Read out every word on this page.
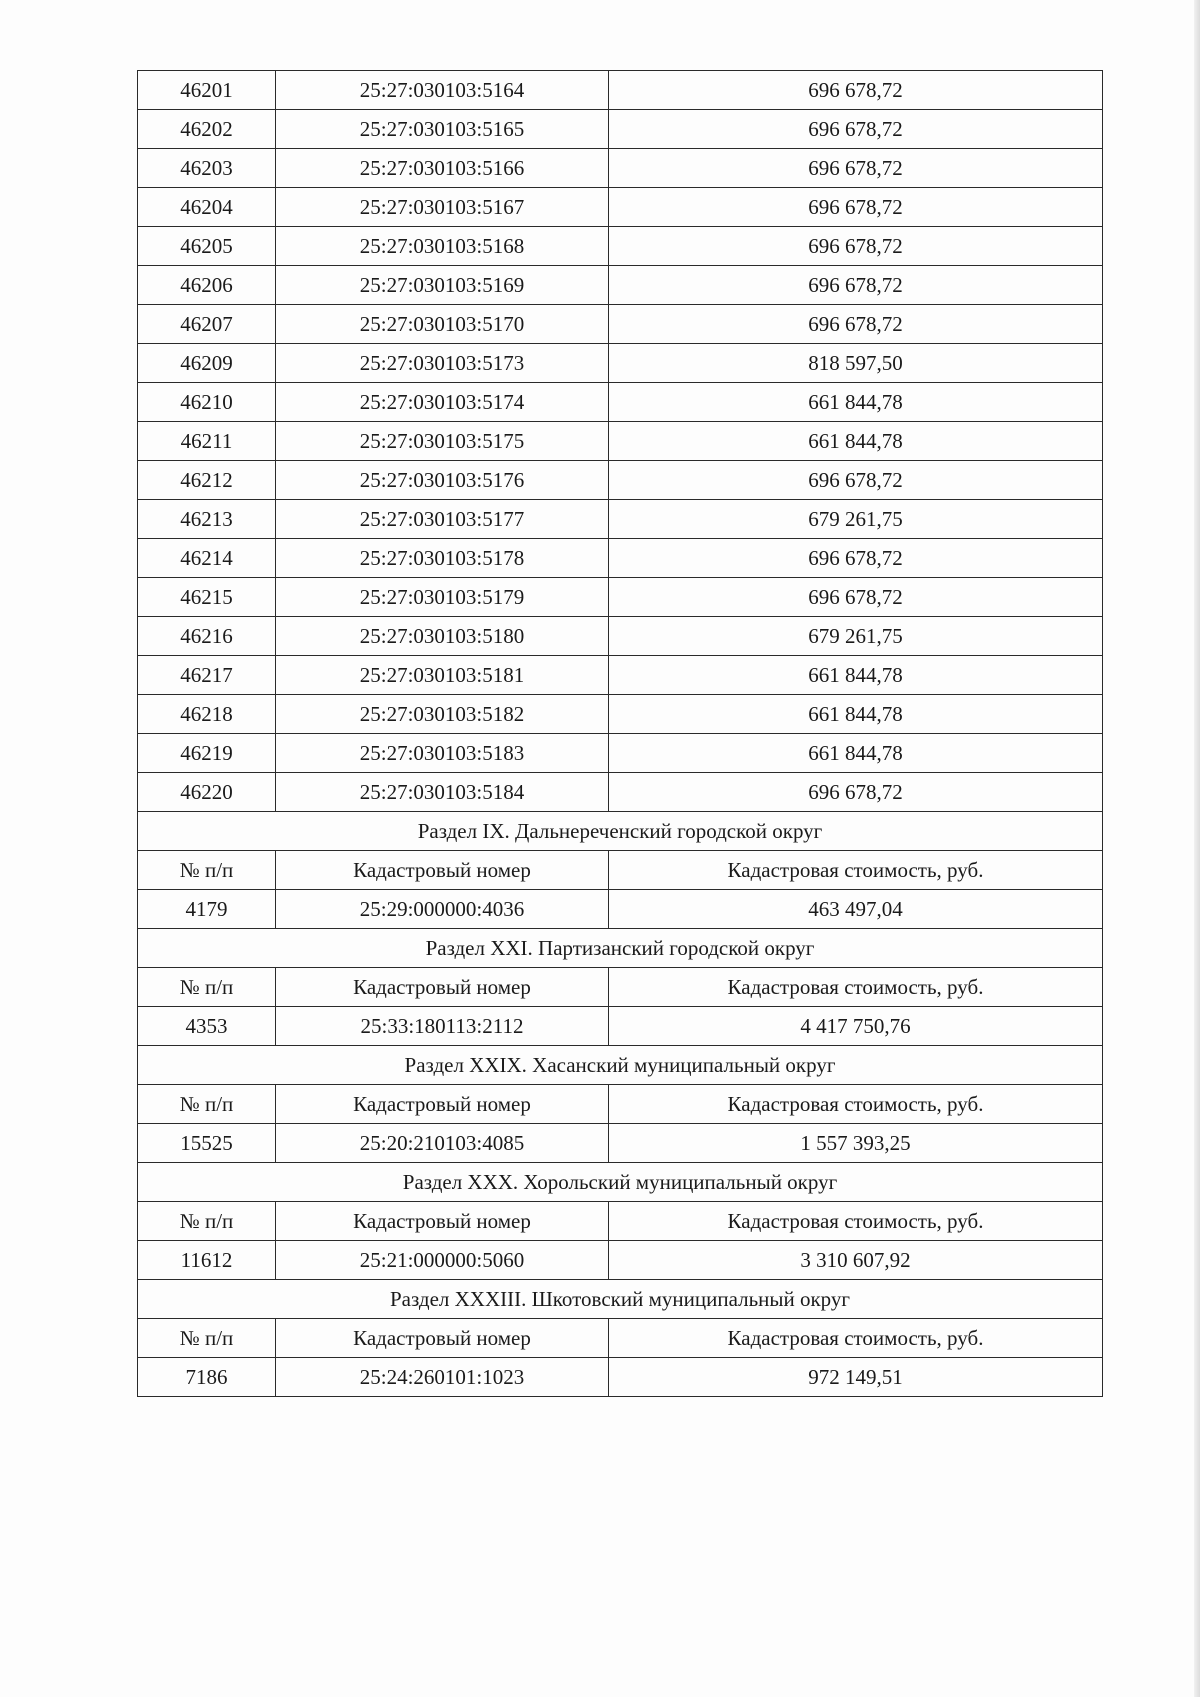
46201	25:27:030103:5164	696 678,72
46202	25:27:030103:5165	696 678,72
46203	25:27:030103:5166	696 678,72
46204	25:27:030103:5167	696 678,72
46205	25:27:030103:5168	696 678,72
46206	25:27:030103:5169	696 678,72
46207	25:27:030103:5170	696 678,72
46209	25:27:030103:5173	818 597,50
46210	25:27:030103:5174	661 844,78
46211	25:27:030103:5175	661 844,78
46212	25:27:030103:5176	696 678,72
46213	25:27:030103:5177	679 261,75
46214	25:27:030103:5178	696 678,72
46215	25:27:030103:5179	696 678,72
46216	25:27:030103:5180	679 261,75
46217	25:27:030103:5181	661 844,78
46218	25:27:030103:5182	661 844,78
46219	25:27:030103:5183	661 844,78
46220	25:27:030103:5184	696 678,72
Раздел IX. Дальнереченский городской округ		
№ п/п	Кадастровый номер	Кадастровая стоимость, руб.
4179	25:29:000000:4036	463 497,04
Раздел XXI. Партизанский городской округ		
№ п/п	Кадастровый номер	Кадастровая стоимость, руб.
4353	25:33:180113:2112	4 417 750,76
Раздел XXIX. Хасанский муниципальный округ		
№ п/п	Кадастровый номер	Кадастровая стоимость, руб.
15525	25:20:210103:4085	1 557 393,25
Раздел XXX. Хорольский муниципальный округ		
№ п/п	Кадастровый номер	Кадастровая стоимость, руб.
11612	25:21:000000:5060	3 310 607,92
Раздел XXXIII. Шкотовский муниципальный округ		
№ п/п	Кадастровый номер	Кадастровая стоимость, руб.
7186	25:24:260101:1023	972 149,51
